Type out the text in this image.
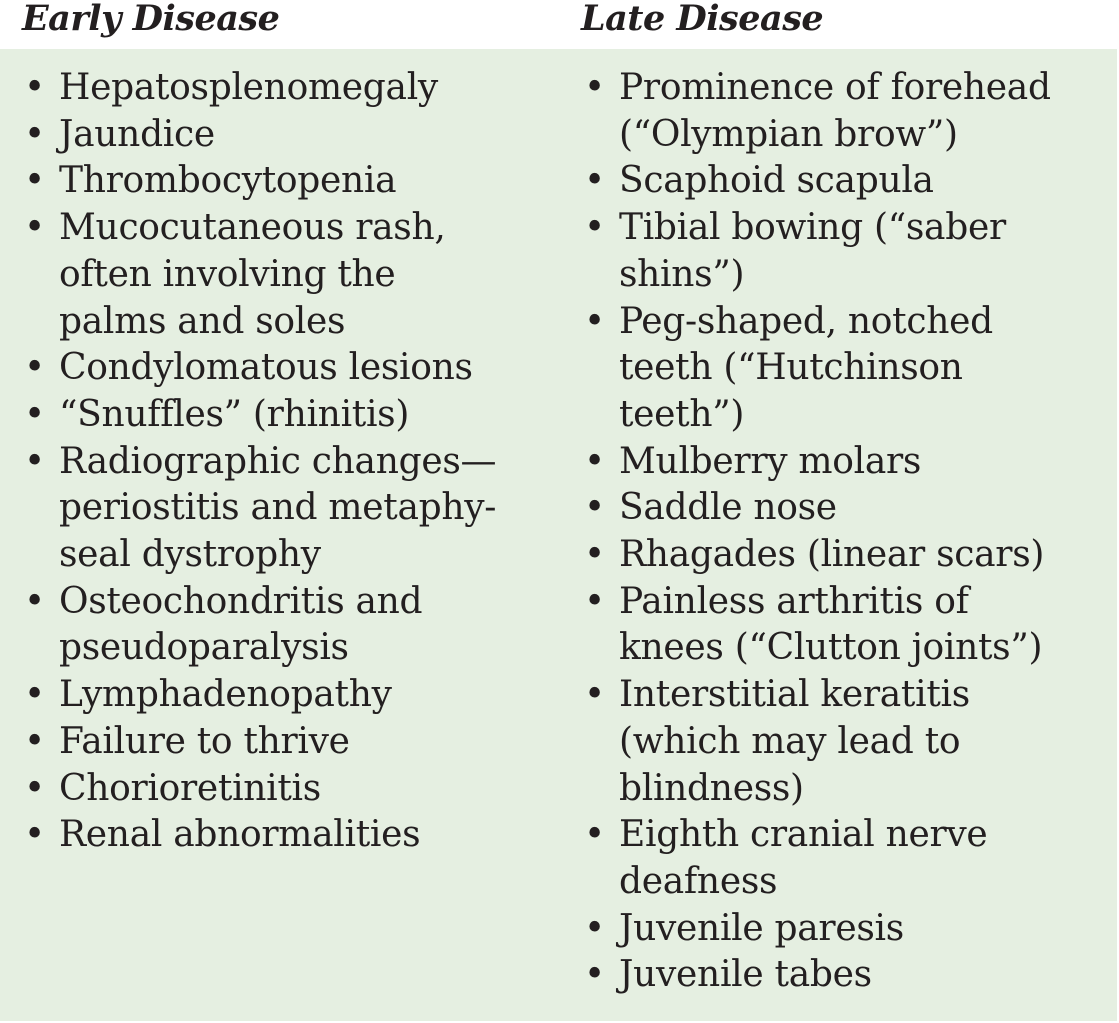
Early Disease	Late Disease
• Hepatosplenomegaly
• Jaundice
• Thrombocytopenia
• Mucocutaneous rash,
often involving the
palms and soles
• Condylomatous lesions
• “Snuffles” (rhinitis)
• Radiographic changes—
periostitis and metaphy-
seal dystrophy
• Osteochondritis and
pseudoparalysis
• Lymphadenopathy
• Failure to thrive
• Chorioretinitis
• Renal abnormalities
• Prominence of forehead
(“Olympian brow”)
• Scaphoid scapula
• Tibial bowing (“saber
shins”)
• Peg-shaped, notched
teeth (“Hutchinson
teeth”)
• Mulberry molars
• Saddle nose
• Rhagades (linear scars)
• Painless arthritis of
knees (“Clutton joints”)
• Interstitial keratitis
(which may lead to
blindness)
• Eighth cranial nerve
deafness
• Juvenile paresis
• Juvenile tabes
